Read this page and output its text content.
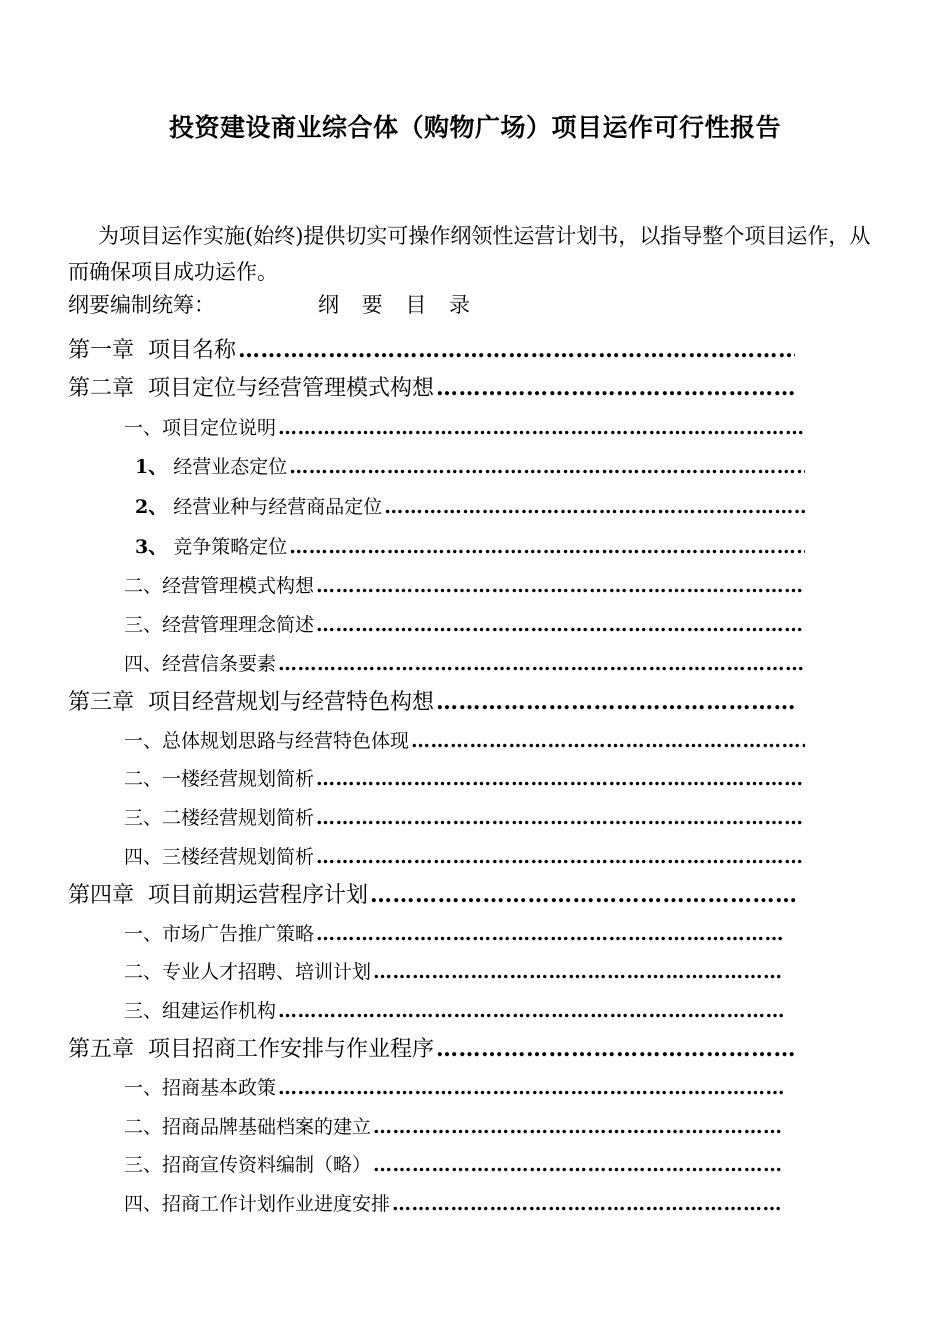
投资建设商业综合体（购物广场）项目运作可行性报告
为项目运作实施(始终)提供切实可操作纲领性运营计划书，以指导整个项目运作，从而确保项目成功运作。
纲要编制统筹：	纲 要 目 录
第一章 项目名称
……………………………………………………………………………………………………………………………………………………
第二章 项目定位与经营管理模式构想
……………………………………………………………………………………………………………………………………………………
一、 项目定位说明
……………………………………………………………………………………………………………………………………………………
1、 经营业态定位
……………………………………………………………………………………………………………………………………………………
2、 经营业种与经营商品定位
……………………………………………………………………………………………………………………………………………………
3、 竞争策略定位
……………………………………………………………………………………………………………………………………………………
二、 经营管理模式构想
……………………………………………………………………………………………………………………………………………………
三、 经营管理理念简述
……………………………………………………………………………………………………………………………………………………
四、 经营信条要素
……………………………………………………………………………………………………………………………………………………
第三章 项目经营规划与经营特色构想
……………………………………………………………………………………………………………………………………………………
一、 总体规划思路与经营特色体现
……………………………………………………………………………………………………………………………………………………
二、 一楼经营规划简析
……………………………………………………………………………………………………………………………………………………
三、 二楼经营规划简析
……………………………………………………………………………………………………………………………………………………
四、 三楼经营规划简析
……………………………………………………………………………………………………………………………………………………
第四章 项目前期运营程序计划
……………………………………………………………………………………………………………………………………………………
一、 市场广告推广策略
……………………………………………………………………………………………………………………………………………………
二、 专业人才招聘、培训计划
……………………………………………………………………………………………………………………………………………………
三、 组建运作机构
……………………………………………………………………………………………………………………………………………………
第五章 项目招商工作安排与作业程序
……………………………………………………………………………………………………………………………………………………
一、 招商基本政策
……………………………………………………………………………………………………………………………………………………
二、 招商品牌基础档案的建立
……………………………………………………………………………………………………………………………………………………
三、 招商宣传资料编制（略）
……………………………………………………………………………………………………………………………………………………
四、 招商工作计划作业进度安排
……………………………………………………………………………………………………………………………………………………
